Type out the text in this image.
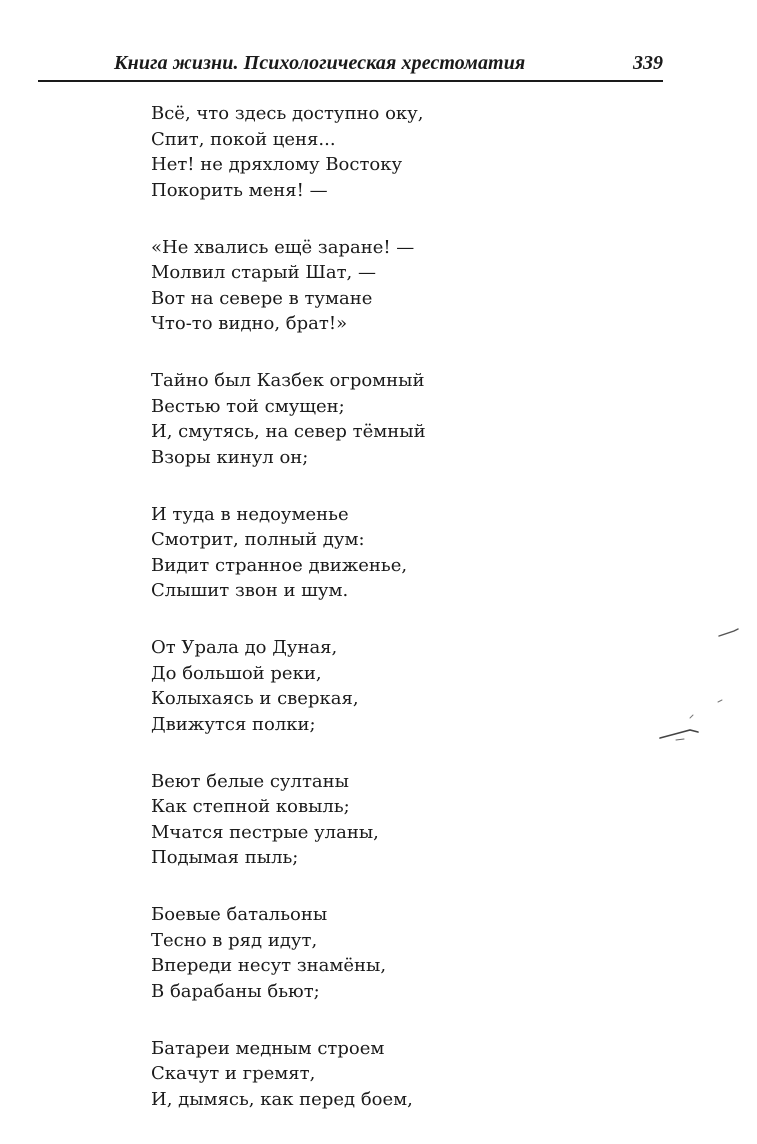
Книга жизни. Психологическая хрестоматия	339
Всё, что здесь доступно оку,
Спит, покой ценя...
Нет! не дряхлому Востоку
Покорить меня! —
«Не хвались ещё заране! —
Молвил старый Шат, —
Вот на севере в тумане
Что-то видно, брат!»
Тайно был Казбек огромный
Вестью той смущен;
И, смутясь, на север тёмный
Взоры кинул он;
И туда в недоуменье
Смотрит, полный дум:
Видит странное движенье,
Слышит звон и шум.
От Урала до Дуная,
До большой реки,
Колыхаясь и сверкая,
Движутся полки;
Веют белые султаны
Как степной ковыль;
Мчатся пестрые уланы,
Подымая пыль;
Боевые батальоны
Тесно в ряд идут,
Впереди несут знамёны,
В барабаны бьют;
Батареи медным строем
Скачут и гремят,
И, дымясь, как перед боем,
